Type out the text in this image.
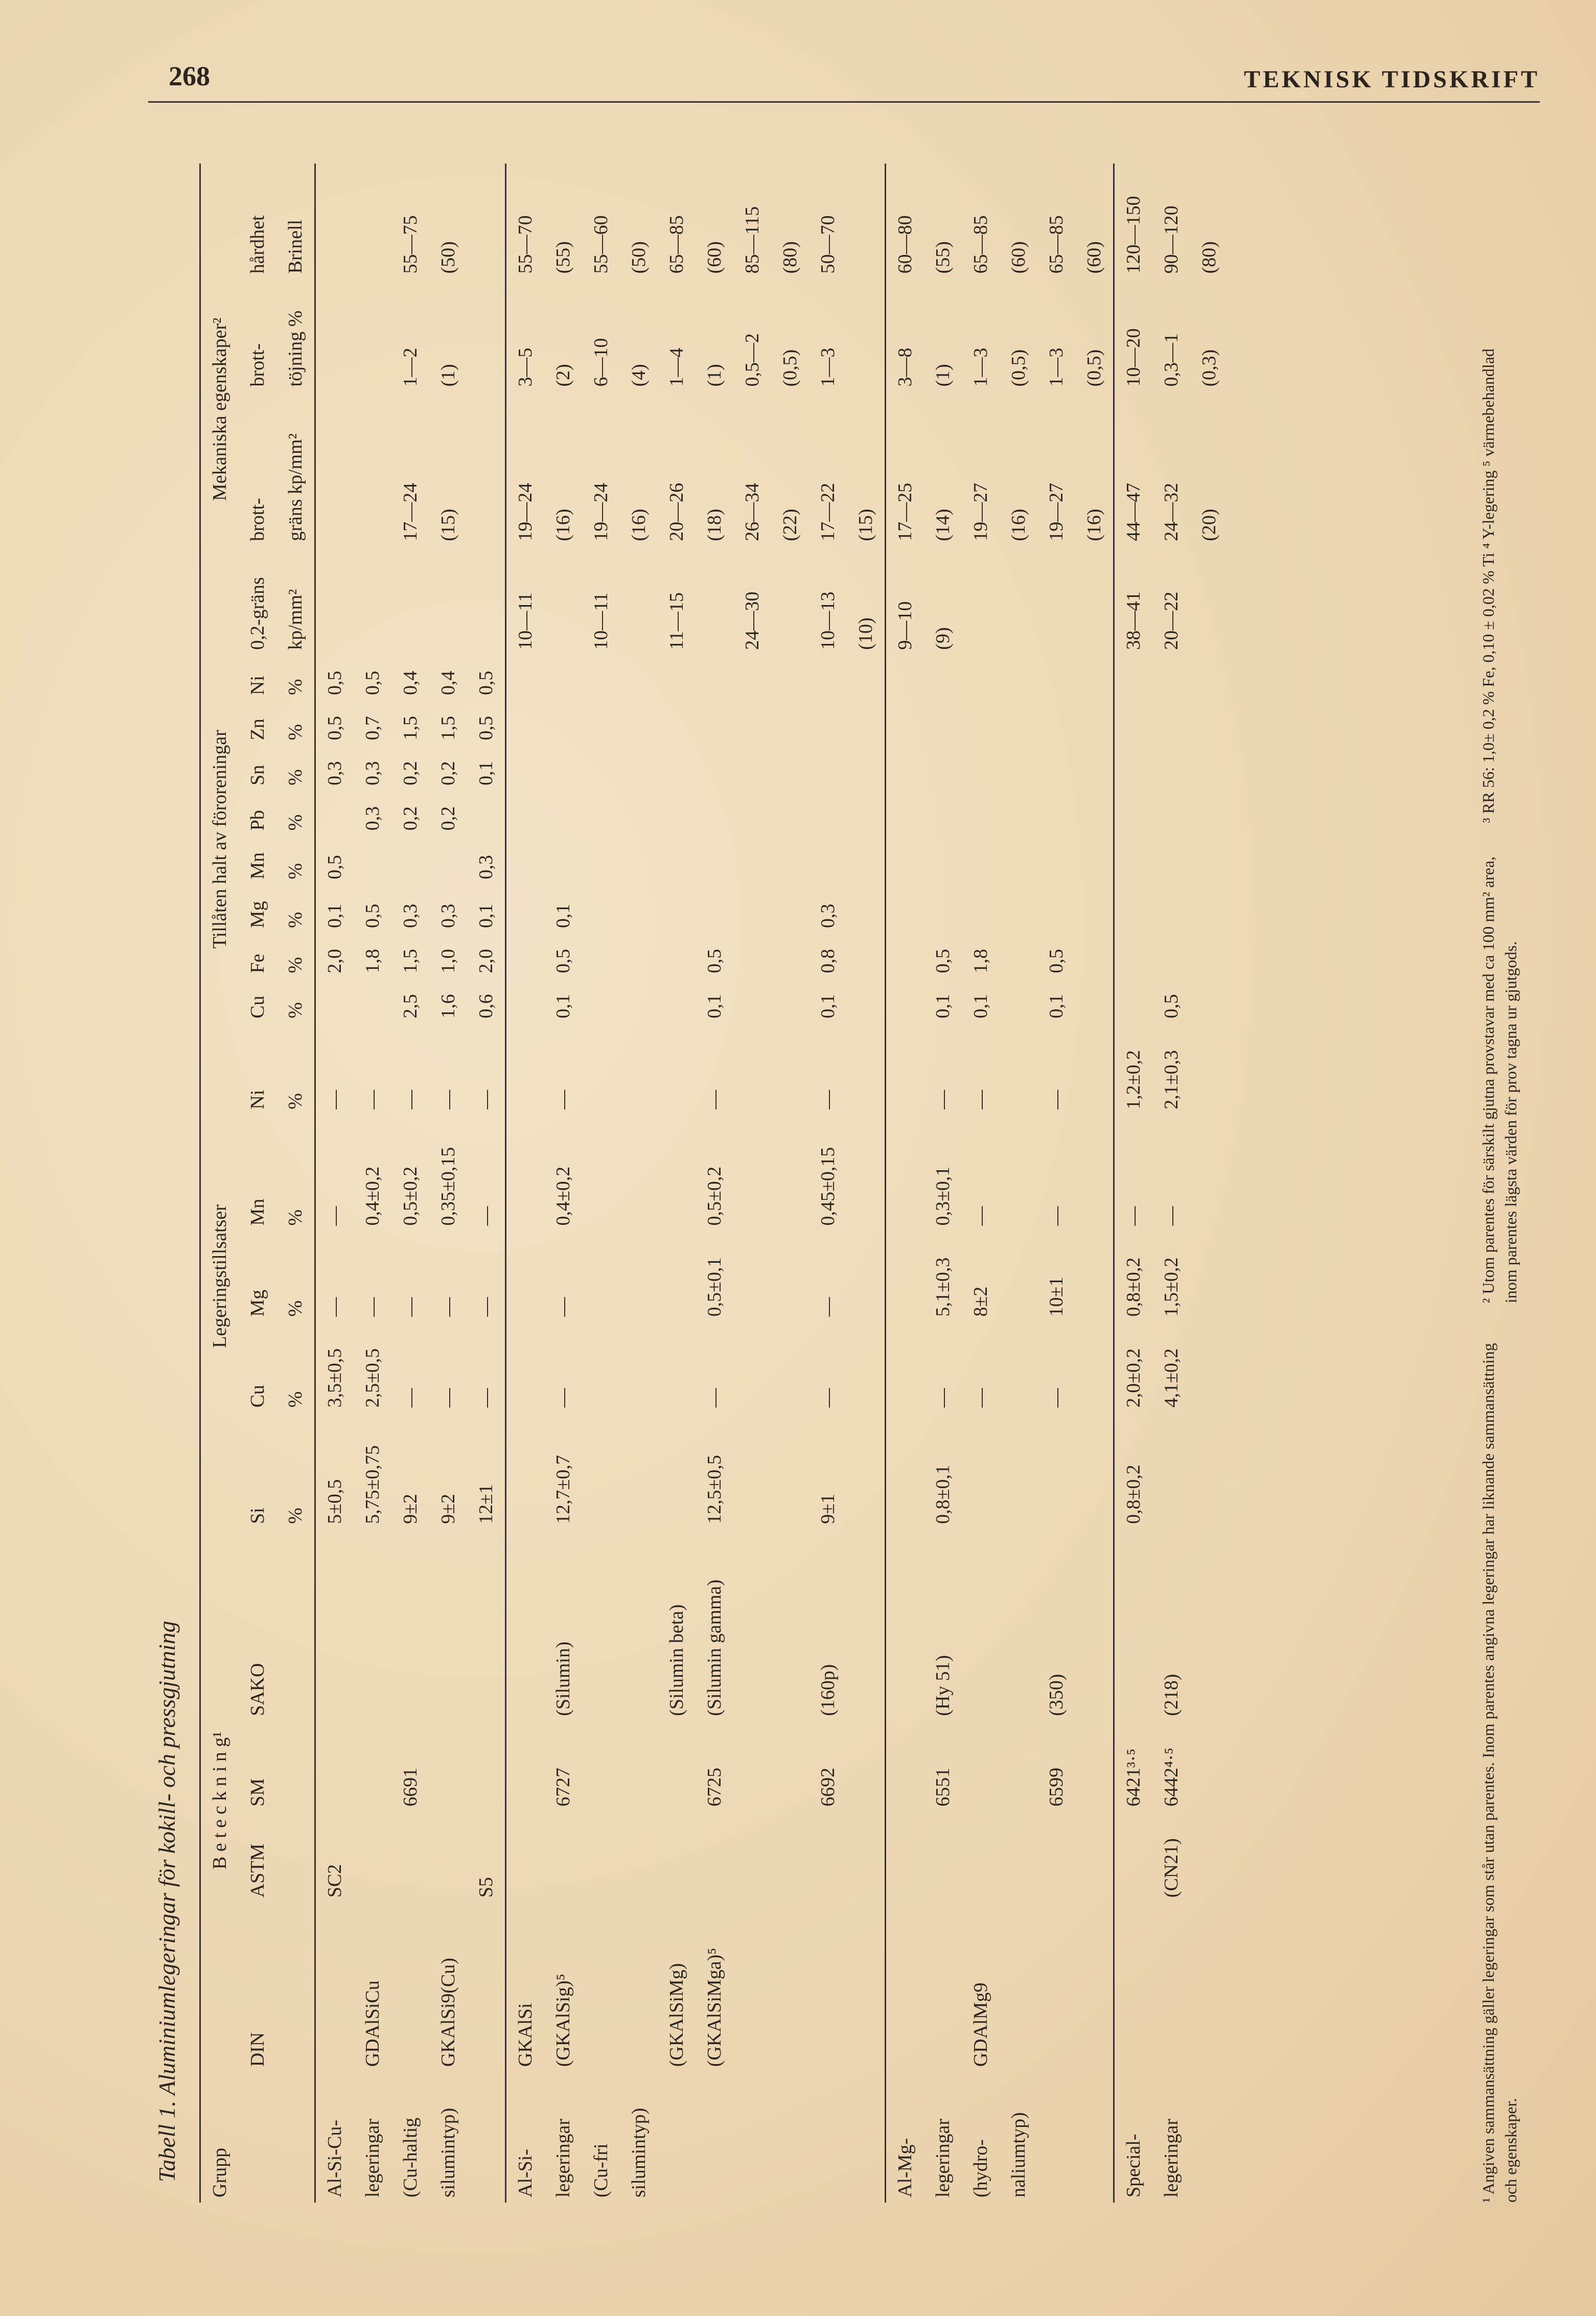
268	TEKNISK TIDSKRIFT
Tabell 1. Aluminiumlegeringar för kokill- och pressgjutning Grupp	B e t e c k n i n g¹				Legeringstillsatser					Tillåten halt av föroreningar								Mekaniska egenskaper²			
	DIN	ASTM	SM	SAKO	Si	Cu	Mg	Mn	Ni	Cu	Fe	Mg	Mn	Pb	Sn	Zn	Ni	0,2-gräns	brott-	brott-	hårdhet
					%	%	%	%	%	%	%	%	%	%	%	%	%	kp/mm²	gräns kp/mm²	töjning %	Brinell
Al-Si-Cu-		SC2			5±0,5	3,5±0,5	—	—	—		2,0	0,1	0,5		0,3	0,5	0,5				
legeringar	GDAlSiCu				5,75±0,75	2,5±0,5	—	0,4±0,2	—		1,8	0,5		0,3	0,3	0,7	0,5				
(Cu-haltig			6691		9±2	—	—	0,5±0,2	—	2,5	1,5	0,3		0,2	0,2	1,5	0,4		17—24	1—2	55—75
silumintyp)	GKAlSi9(Cu)				9±2	—	—	0,35±0,15	—	1,6	1,0	0,3		0,2	0,2	1,5	0,4		(15)	(1)	(50)
		S5			12±1	—	—	—	—	0,6	2,0	0,1	0,3		0,1	0,5	0,5				
Al-Si-	GKAlSi																	10—11	19—24	3—5	55—70
legeringar	(GKAlSig)⁵		6727	(Silumin)	12,7±0,7	—	—	0,4±0,2	—	0,1	0,5	0,1							(16)	(2)	(55)
(Cu-fri																		10—11	19—24	6—10	55—60
silumintyp)																			(16)	(4)	(50)
	(GKAlSiMg)			(Silumin beta)														11—15	20—26	1—4	65—85
	(GKAlSiMga)⁵		6725	(Silumin gamma)	12,5±0,5	—	0,5±0,1	0,5±0,2	—	0,1	0,5								(18)	(1)	(60)
																		24—30	26—34	0,5—2	85—115
																			(22)	(0,5)	(80)
			6692	(160p)	9±1	—	—	0,45±0,15	—	0,1	0,8	0,3						10—13	17—22	1—3	50—70
																		(10)	(15)		
Al-Mg-																		9—10	17—25	3—8	60—80
legeringar			6551	(Hy 51)	0,8±0,1	—	5,1±0,3	0,3±0,1	—	0,1	0,5							(9)	(14)	(1)	(55)
(hydro-	GDAlMg9					—	8±2	—	—	0,1	1,8								19—27	1—3	65—85
naliumtyp)																			(16)	(0,5)	(60)
			6599	(350)		—	10±1	—	—	0,1	0,5								19—27	1—3	65—85
																			(16)	(0,5)	(60)
Special-			6421³·⁵		0,8±0,2	2,0±0,2	0,8±0,2	—	1,2±0,2									38—41	44—47	10—20	120—150
legeringar		(CN21)	6442⁴·⁵	(218)		4,1±0,2	1,5±0,2	—	2,1±0,3	0,5								20—22	24—32	0,3—1	90—120
																			(20)	(0,3)	(80)
¹ Angiven sammansättning gäller legeringar som står utan parentes. Inom parentes angivna legeringar har liknande sammansättning och egenskaper.
² Utom parentes för särskilt gjutna provstavar med ca 100 mm² area, inom parentes lägsta värden för prov tagna ur gjutgods.
³ RR 56: 1,0± 0,2 % Fe, 0,10 ± 0,02 % Ti ⁴ Y-legering ⁵ värmebehandlad
